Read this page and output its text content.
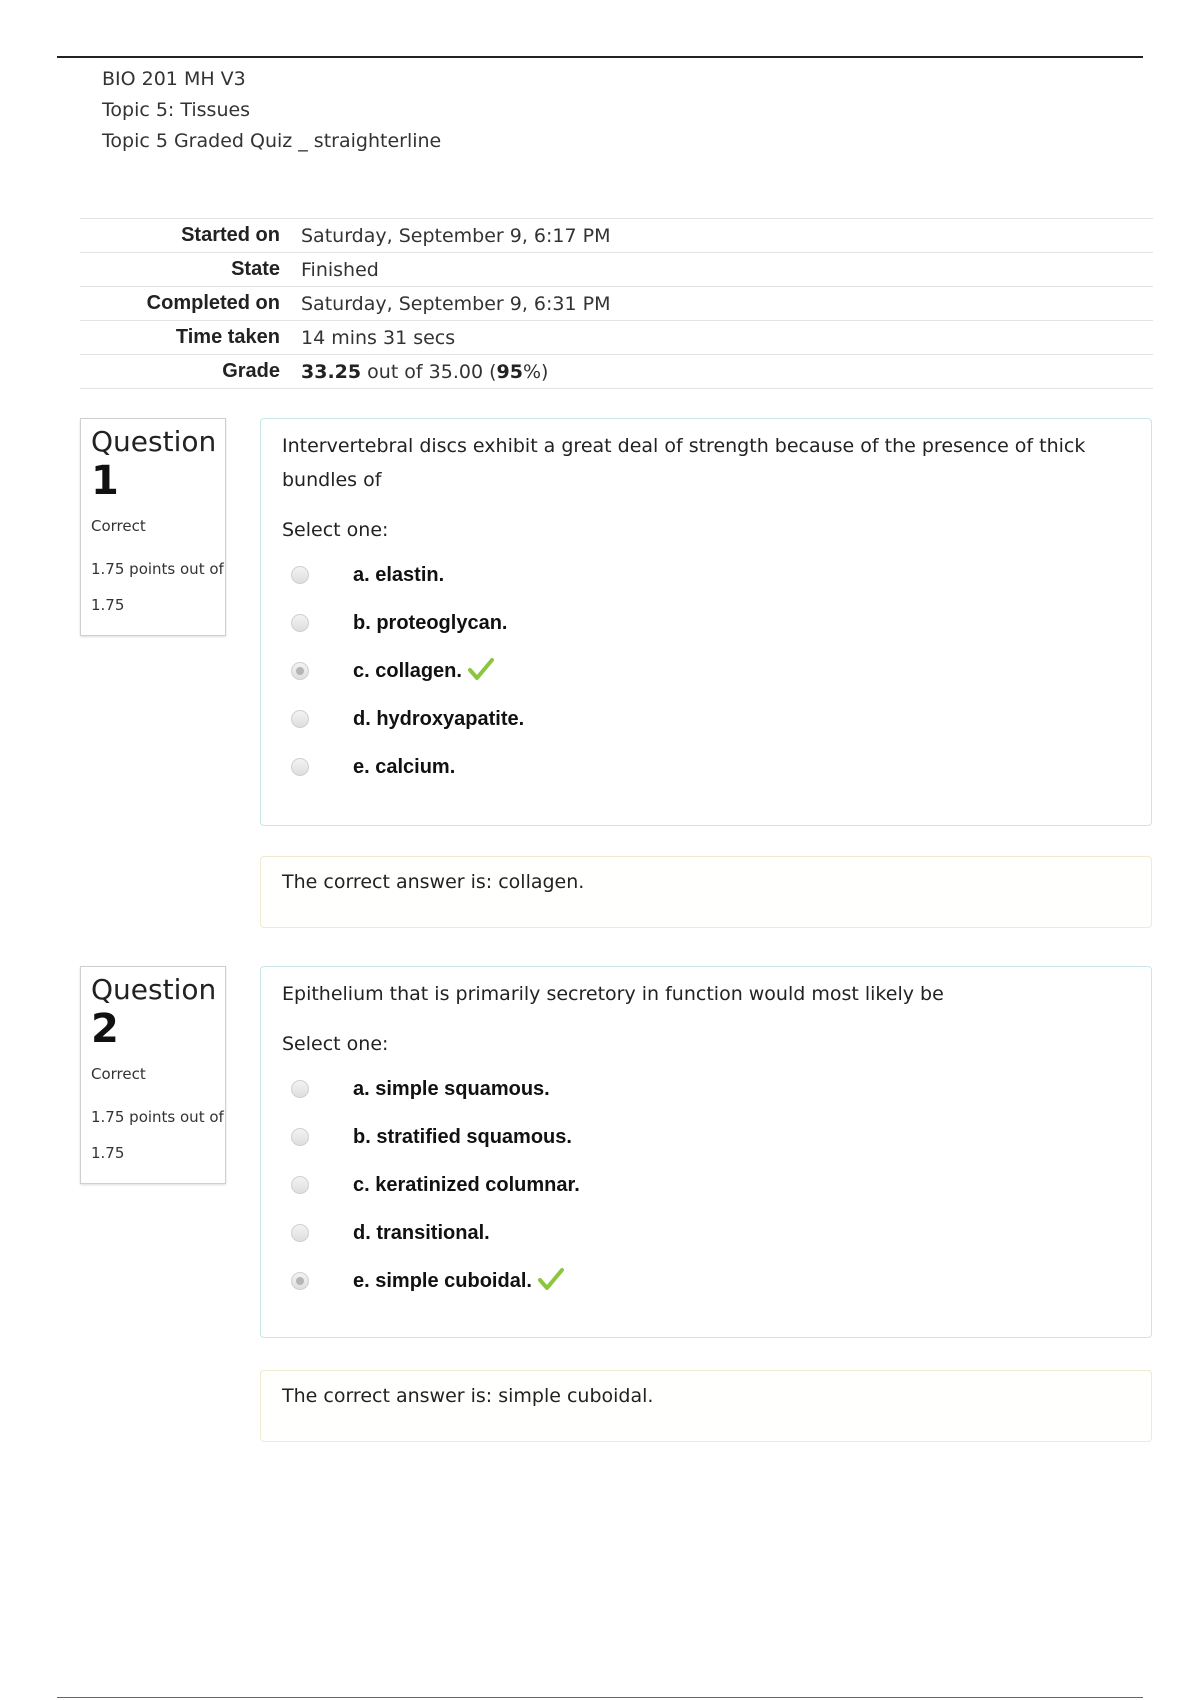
BIO 201 MH V3
Topic 5: Tissues
Topic 5 Graded Quiz _ straighterline
Started on	Saturday, September 9, 6:17 PM
State	Finished
Completed on	Saturday, September 9, 6:31 PM
Time taken	14 mins 31 secs
Grade	33.25 out of 35.00 (95%)
Question
1
Correct
1.75 points out of 1.75
Intervertebral discs exhibit a great deal of strength because of the presence of thick bundles of
Select one:
a. elastin.
b. proteoglycan.
c. collagen.
d. hydroxyapatite.
e. calcium.
The correct answer is: collagen.
Question
2
Correct
1.75 points out of 1.75
Epithelium that is primarily secretory in function would most likely be
Select one:
a. simple squamous.
b. stratified squamous.
c. keratinized columnar.
d. transitional.
e. simple cuboidal.
The correct answer is: simple cuboidal.
